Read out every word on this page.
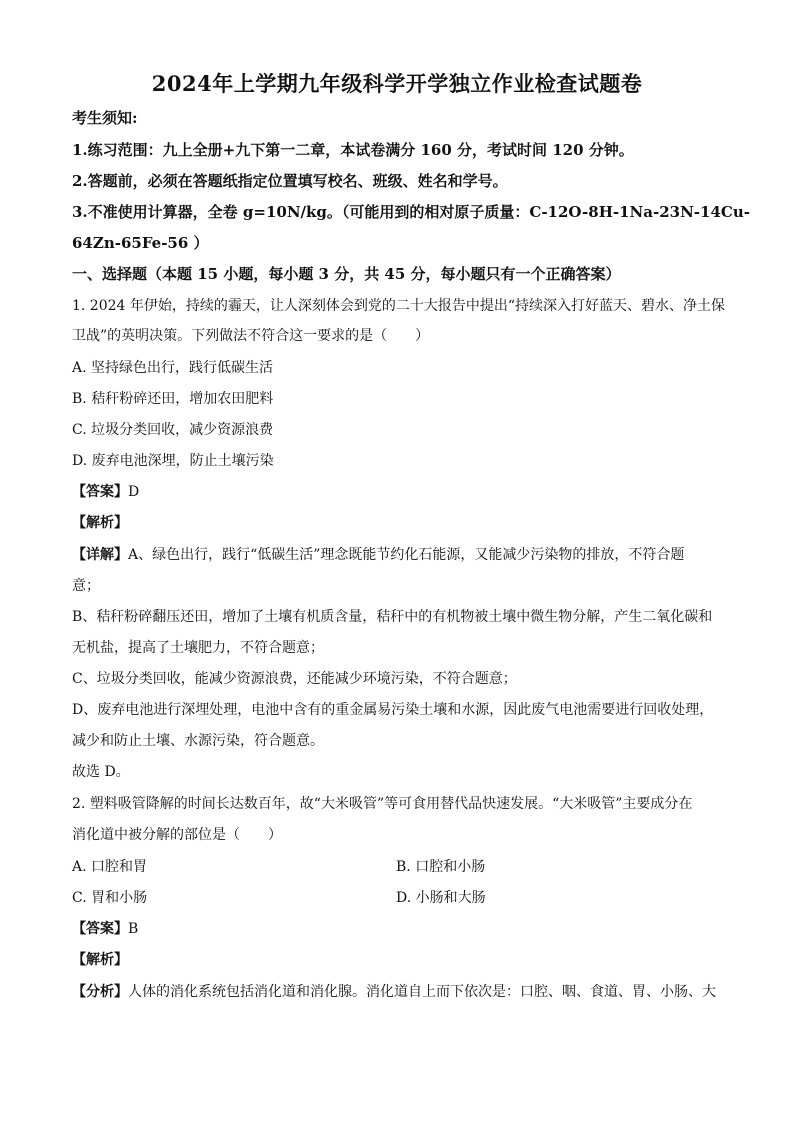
2024年上学期九年级科学开学独立作业检查试题卷
考生须知:
1.练习范围：九上全册+九下第一二章，本试卷满分 160 分，考试时间 120 分钟。
2.答题前，必须在答题纸指定位置填写校名、班级、姓名和学号。
3.不准使用计算器，全卷 g=10N/kg。（可能用到的相对原子质量：C-12O-8H-1Na-23N-14Cu-
64Zn-65Fe-56 ）
一、选择题（本题 15 小题，每小题 3 分，共 45 分，每小题只有一个正确答案）
1. 2024 年伊始，持续的霾天，让人深刻体会到党的二十大报告中提出“持续深入打好蓝天、碧水、净土保
卫战”的英明决策。下列做法不符合这一要求的是（　　）
A. 坚持绿色出行，践行低碳生活
B. 秸秆粉碎还田，增加农田肥料
C. 垃圾分类回收，减少资源浪费
D. 废弃电池深埋，防止土壤污染
【答案】D
【解析】
【详解】A、绿色出行，践行“低碳生活”理念既能节约化石能源，又能减少污染物的排放，不符合题
意；
B、秸秆粉碎翻压还田，增加了土壤有机质含量，秸秆中的有机物被土壤中微生物分解，产生二氧化碳和
无机盐，提高了土壤肥力，不符合题意；
C、垃圾分类回收，能减少资源浪费，还能减少环境污染，不符合题意；
D、废弃电池进行深埋处理，电池中含有的重金属易污染土壤和水源，因此废气电池需要进行回收处理，
减少和防止土壤、水源污染，符合题意。
故选 D。
2. 塑料吸管降解的时间长达数百年，故“大米吸管”等可食用替代品快速发展。“大米吸管”主要成分在
消化道中被分解的部位是（　　）
A. 口腔和胃	B. 口腔和小肠
C. 胃和小肠	D. 小肠和大肠
【答案】B
【解析】
【分析】人体的消化系统包括消化道和消化腺。消化道自上而下依次是：口腔、咽、食道、胃、小肠、大
